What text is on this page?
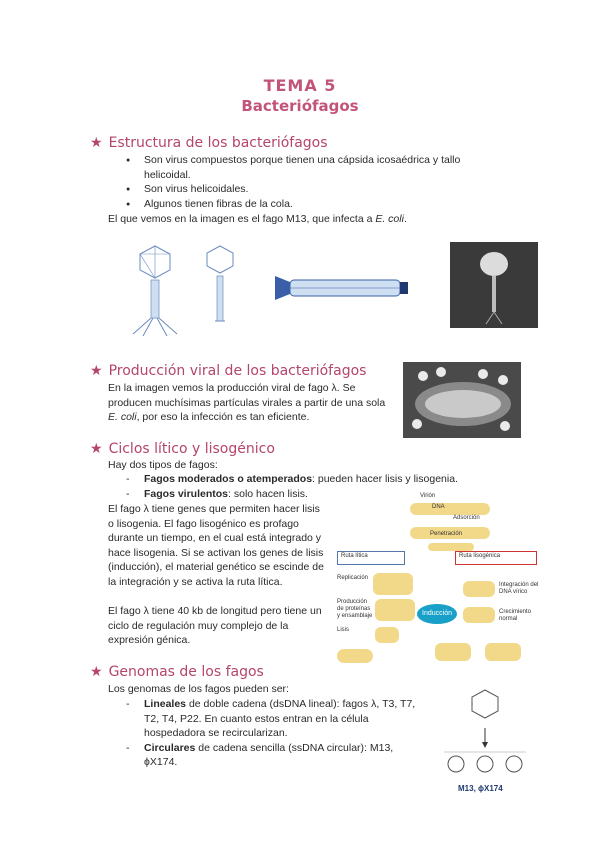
TEMA 5
Bacteriófagos
★ Estructura de los bacteriófagos
● Son virus compuestos porque tienen una cápsida icosaédrica y tallo helicoidal.
● Son virus helicoidales.
● Algunos tienen fibras de la cola.
El que vemos en la imagen es el fago M13, que infecta a E. coli.
★ Producción viral de los bacteriófagos
En la imagen vemos la producción viral de fago λ. Se producen muchísimas partículas virales a partir de una sola E. coli, por eso la infección es tan eficiente.
★ Ciclos lítico y lisogénico
Hay dos tipos de fagos:
- Fagos moderados o atemperados: pueden hacer lisis y lisogenia.
- Fagos virulentos: solo hacen lisis.
El fago λ tiene genes que permiten hacer lisis o lisogenia. El fago lisogénico es profago durante un tiempo, en el cual está integrado y hace lisogenia. Si se activan los genes de lisis (inducción), el material genético se escinde de la integración y se activa la ruta lítica.
El fago λ tiene 40 kb de longitud pero tiene un ciclo de regulación muy complejo de la expresión génica.
Virión
DNA
Adsorción
Penetración
Ruta lítica	Ruta lisogénica
Replicación
Producción de proteínas y ensamblaje	Inducción
Integración del DNA vírico
Crecimiento normal
Lisis
★ Genomas de los fagos
Los genomas de los fagos pueden ser:
- Lineales de doble cadena (dsDNA lineal): fagos λ, T3, T7, T2, T4, P22. En cuanto estos entran en la célula hospedadora se recircularizan.
- Circulares de cadena sencilla (ssDNA circular): M13, ϕX174.
M13, ϕX174
